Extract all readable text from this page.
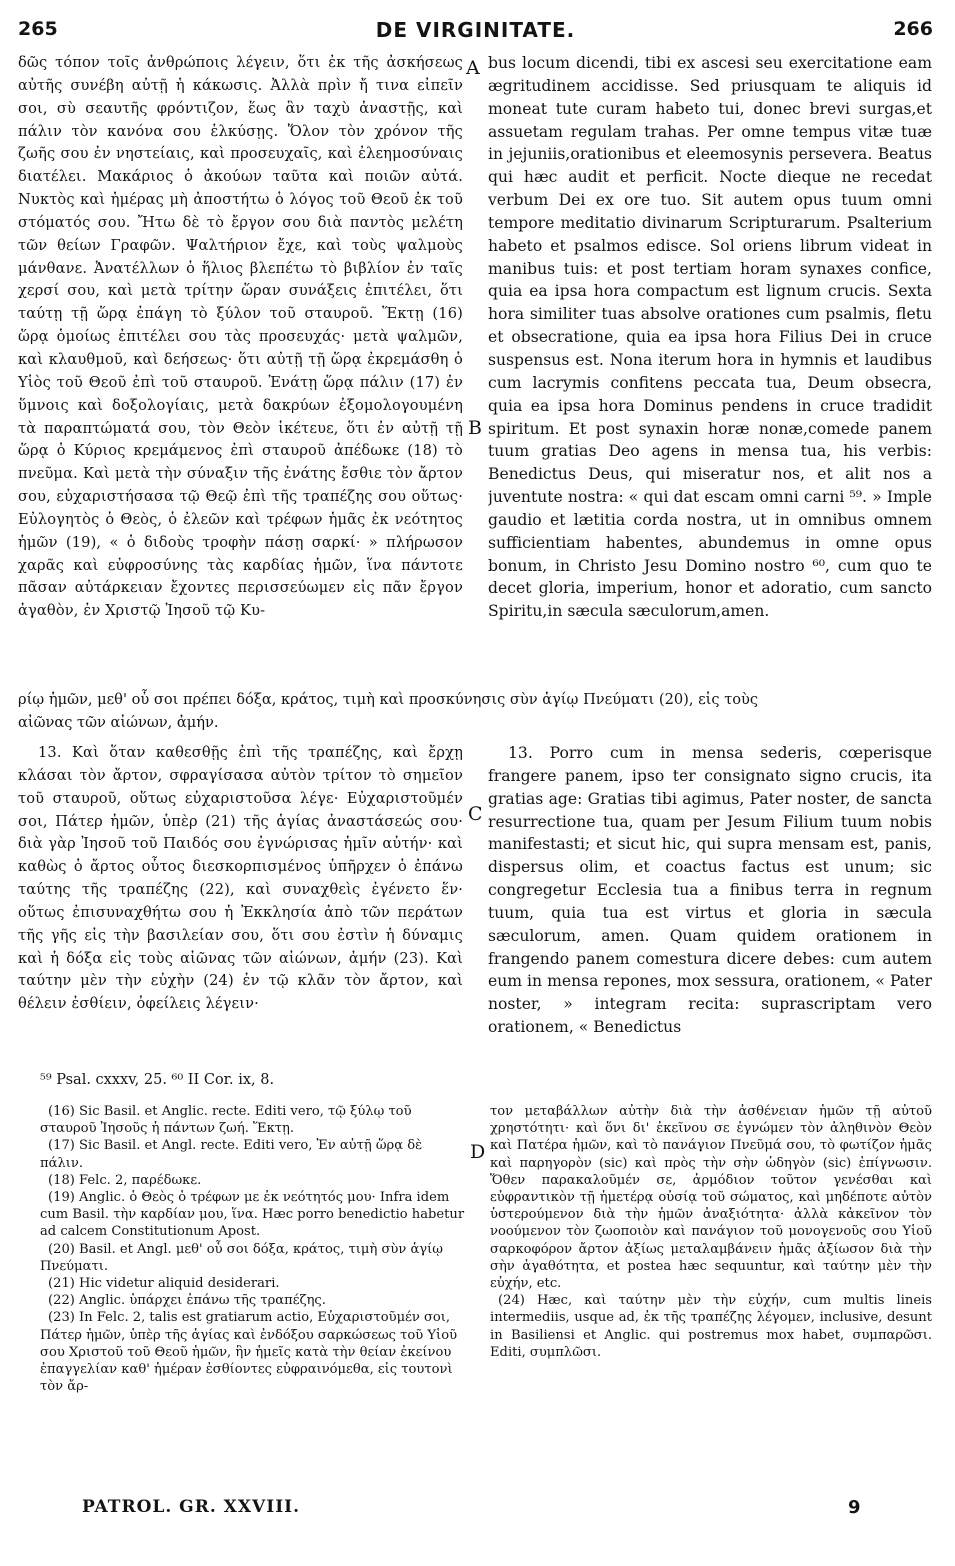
265	DE VIRGINITATE.	266

δῶς τόπον τοῖς ἀνθρώποις λέγειν, ὅτι ἐκ τῆς ἀσκήσεως αὐτῆς συνέβη αὐτῇ ἡ κάκωσις. Ἀλλὰ πρὶν ἤ τινα εἰπεῖν σοι, σὺ σεαυτῆς φρόντιζον, ἕως ἂν ταχὺ ἀναστῇς, καὶ πάλιν τὸν κανόνα σου ἑλκύσῃς. Ὅλον τὸν χρόνον τῆς ζωῆς σου ἐν νηστείαις, καὶ προσευχαῖς, καὶ ἐλεημοσύναις διατέλει. Μακάριος ὁ ἀκούων ταῦτα καὶ ποιῶν αὐτά. Νυκτὸς καὶ ἡμέρας μὴ ἀποστήτω ὁ λόγος τοῦ Θεοῦ ἐκ τοῦ στόματός σου. Ἤτω δὲ τὸ ἔργον σου διὰ παντὸς μελέτη τῶν θείων Γραφῶν. Ψαλτήριον ἔχε, καὶ τοὺς ψαλμοὺς μάνθανε. Ἀνατέλλων ὁ ἥλιος βλεπέτω τὸ βιβλίον ἐν ταῖς χερσί σου, καὶ μετὰ τρίτην ὥραν συνάξεις ἐπιτέλει, ὅτι ταύτῃ τῇ ὥρᾳ ἐπάγη τὸ ξύλον τοῦ σταυροῦ. Ἕκτῃ (16) ὥρᾳ ὁμοίως ἐπιτέλει σου τὰς προσευχάς· μετὰ ψαλμῶν, καὶ κλαυθμοῦ, καὶ δεήσεως· ὅτι αὐτῇ τῇ ὥρᾳ ἐκρεμάσθη ὁ Υἱὸς τοῦ Θεοῦ ἐπὶ τοῦ σταυροῦ. Ἐνάτῃ ὥρᾳ πάλιν (17) ἐν ὕμνοις καὶ δοξολογίαις, μετὰ δακρύων ἐξομολογουμένη τὰ παραπτώματά σου, τὸν Θεὸν ἱκέτευε, ὅτι ἐν αὐτῇ τῇ ὥρᾳ ὁ Κύριος κρεμάμενος ἐπὶ σταυροῦ ἀπέδωκε (18) τὸ πνεῦμα. Καὶ μετὰ τὴν σύναξιν τῆς ἐνάτης ἔσθιε τὸν ἄρτον σου, εὐχαριστήσασα τῷ Θεῷ ἐπὶ τῆς τραπέζης σου οὕτως· Εὐλογητὸς ὁ Θεὸς, ὁ ἐλεῶν καὶ τρέφων ἡμᾶς ἐκ νεότητος ἡμῶν (19), « ὁ διδοὺς τροφὴν πάσῃ σαρκί· » πλήρωσον χαρᾶς καὶ εὐφροσύνης τὰς καρδίας ἡμῶν, ἵνα πάντοτε πᾶσαν αὐτάρκειαν ἔχοντες περισσεύωμεν εἰς πᾶν ἔργον ἀγαθὸν, ἐν Χριστῷ Ἰησοῦ τῷ Κυ-

bus locum dicendi, tibi ex ascesi seu exercitatione eam ægritudinem accidisse. Sed priusquam te aliquis id moneat tute curam habeto tui, donec brevi surgas,et assuetam regulam trahas. Per omne tempus vitæ tuæ in jejuniis,orationibus et eleemosynis persevera. Beatus qui hæc audit et perficit. Nocte dieque ne recedat verbum Dei ex ore tuo. Sit autem opus tuum omni tempore meditatio divinarum Scripturarum. Psalterium habeto et psalmos edisce. Sol oriens librum videat in manibus tuis: et post tertiam horam synaxes confice, quia ea ipsa hora compactum est lignum crucis. Sexta hora similiter tuas absolve orationes cum psalmis, fletu et obsecratione, quia ea ipsa hora Filius Dei in cruce suspensus est. Nona iterum hora in hymnis et laudibus cum lacrymis confitens peccata tua, Deum obsecra, quia ea ipsa hora Dominus pendens in cruce tradidit spiritum. Et post synaxin horæ nonæ,comede panem tuum gratias Deo agens in mensa tua, his verbis: Benedictus Deus, qui miseratur nos, et alit nos a juventute nostra: « qui dat escam omni carni ⁵⁹. » Imple gaudio et lætitia corda nostra, ut in omnibus omnem sufficientiam habentes, abundemus in omne opus bonum, in Christo Jesu Domino nostro ⁶⁰, cum quo te decet gloria, imperium, honor et adoratio, cum sancto Spiritu,in sæcula sæculorum,amen.

ρίῳ ἡμῶν, μεθ' οὗ σοι πρέπει δόξα, κράτος, τιμὴ καὶ προσκύνησις σὺν ἁγίῳ Πνεύματι (20), εἰς τοὺς
αἰῶνας τῶν αἰώνων, ἀμήν.

13. Καὶ ὅταν καθεσθῇς ἐπὶ τῆς τραπέζης, καὶ ἔρχῃ κλάσαι τὸν ἄρτον, σφραγίσασα αὐτὸν τρίτον τὸ σημεῖον τοῦ σταυροῦ, οὕτως εὐχαριστοῦσα λέγε· Εὐχαριστοῦμέν σοι, Πάτερ ἡμῶν, ὑπὲρ (21) τῆς ἁγίας ἀναστάσεώς σου· διὰ γὰρ Ἰησοῦ τοῦ Παιδός σου ἐγνώρισας ἡμῖν αὐτήν· καὶ καθὼς ὁ ἄρτος οὗτος διεσκορπισμένος ὑπῆρχεν ὁ ἐπάνω ταύτης τῆς τραπέζης (22), καὶ συναχθεὶς ἐγένετο ἕν· οὕτως ἐπισυναχθήτω σου ἡ Ἐκκλησία ἀπὸ τῶν περάτων τῆς γῆς εἰς τὴν βασιλείαν σου, ὅτι σου ἐστὶν ἡ δύναμις καὶ ἡ δόξα εἰς τοὺς αἰῶνας τῶν αἰώνων, ἀμήν (23). Καὶ ταύτην μὲν τὴν εὐχὴν (24) ἐν τῷ κλᾶν τὸν ἄρτον, καὶ θέλειν ἐσθίειν, ὀφείλεις λέγειν·

13. Porro cum in mensa sederis, cœperisque frangere panem, ipso ter consignato signo crucis, ita gratias age: Gratias tibi agimus, Pater noster, de sancta resurrectione tua, quam per Jesum Filium tuum nobis manifestasti; et sicut hic, qui supra mensam est, panis, dispersus olim, et coactus factus est unum; sic congregetur Ecclesia tua a finibus terra in regnum tuum, quia tua est virtus et gloria in sæcula sæculorum, amen. Quam quidem orationem in frangendo panem comestura dicere debes: cum autem eum in mensa repones, mox sessura, orationem, « Pater noster, » integram recita: suprascriptam vero orationem, « Benedictus

A
B
C
D
⁵⁹ Psal. cxxxv, 25. ⁶⁰ II Cor. ix, 8.

(16) Sic Basil. et Anglic. recte. Editi vero, τῷ ξύλῳ τοῦ σταυροῦ Ἰησοῦς ἡ πάντων ζωή. Ἕκτῃ.

(17) Sic Basil. et Angl. recte. Editi vero, Ἐν αὐτῇ ὥρᾳ δὲ πάλιν.

(18) Felc. 2, παρέδωκε.

(19) Anglic. ὁ Θεὸς ὁ τρέφων με ἐκ νεότητός μου· Infra idem cum Basil. τὴν καρδίαν μου, ἵνα. Hæc porro benedictio habetur ad calcem Constitutionum Apost.

(20) Basil. et Angl. μεθ' οὗ σοι δόξα, κράτος, τιμὴ σὺν ἁγίῳ Πνεύματι.

(21) Hic videtur aliquid desiderari.

(22) Anglic. ὑπάρχει ἐπάνω τῆς τραπέζης.

(23) In Felc. 2, talis est gratiarum actio, Εὐχαριστοῦμέν σοι, Πάτερ ἡμῶν, ὑπὲρ τῆς ἁγίας καὶ ἐνδόξου σαρκώσεως τοῦ Υἱοῦ σου Χριστοῦ τοῦ Θεοῦ ἡμῶν, ἣν ἡμεῖς κατὰ τὴν θείαν ἐκείνου ἐπαγγελίαν καθ' ἡμέραν ἐσθίοντες εὐφραινόμεθα, εἰς τουτονὶ τὸν ἄρ-

τον μεταβάλλων αὐτὴν διὰ τὴν ἀσθένειαν ἡμῶν τῇ αὐτοῦ χρηστότητι· καὶ ὅνι δι' ἐκεῖνου σε ἐγνώμεν τὸν ἀληθινὸν Θεὸν καὶ Πατέρα ἡμῶν, καὶ τὸ πανάγιον Πνεῦμά σου, τὸ φωτίζον ἡμᾶς καὶ παρηγορὸν (sic) καὶ πρὸς τὴν σὴν ὡδηγὸν (sic) ἐπίγνωσιν. Ὅθεν παρακαλοῦμέν σε, ἁρμόδιον τοῦτον γενέσθαι καὶ εὐφραντικὸν τῇ ἡμετέρᾳ οὐσίᾳ τοῦ σώματος, καὶ μηδέποτε αὐτὸν ὑστερούμενον διὰ τὴν ἡμῶν ἀναξιότητα· ἀλλὰ κἀκεῖνον τὸν νοούμενον τὸν ζωοποιὸν καὶ πανάγιον τοῦ μονογενοῦς σου Υἱοῦ σαρκοφόρον ἄρτον ἀξίως μεταλαμβάνειν ἡμᾶς ἀξίωσον διὰ τὴν σὴν ἀγαθότητα, et postea hæc sequuntur, καὶ ταύτην μὲν τὴν εὐχήν, etc.

(24) Hæc, καὶ ταύτην μὲν τὴν εὐχήν, cum multis lineis intermediis, usque ad, ἐκ τῆς τραπέζης λέγομεν, inclusive, desunt in Basiliensi et Anglic. qui postremus mox habet, συμπαρῶσι. Editi, συμπλῶσι.

PATROL. GR. XXVIII.	9
